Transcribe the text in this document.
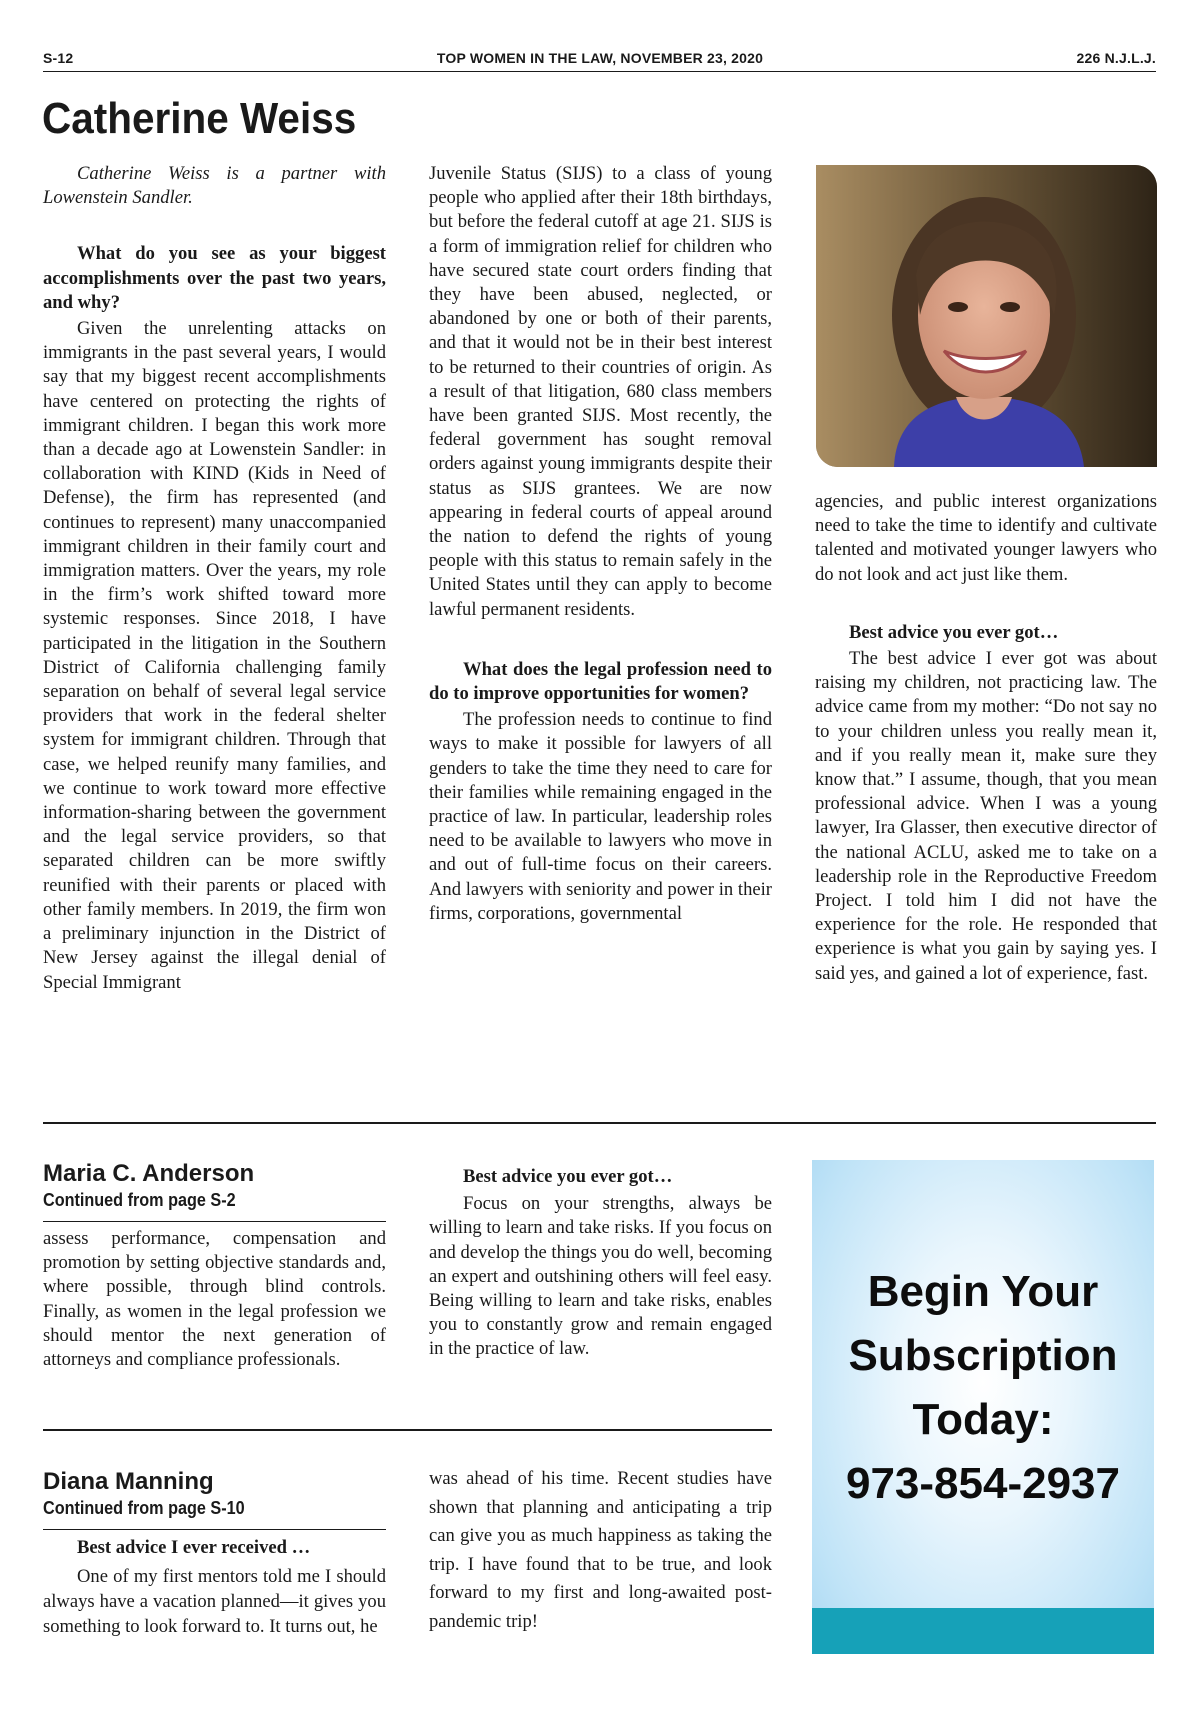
S-12	TOP WOMEN IN THE LAW, NOVEMBER 23, 2020	226 N.J.L.J.
Catherine Weiss

Catherine Weiss is a partner with Lowenstein Sandler.

What do you see as your biggest accomplishments over the past two years, and why?

Given the unrelenting attacks on immigrants in the past several years, I would say that my biggest recent accomplishments have centered on protecting the rights of immigrant children. I began this work more than a decade ago at Lowenstein Sandler: in collaboration with KIND (Kids in Need of Defense), the firm has represented (and continues to represent) many unaccompanied immigrant children in their family court and immigration matters. Over the years, my role in the firm’s work shifted toward more systemic responses. Since 2018, I have participated in the litigation in the Southern District of California challenging family separation on behalf of several legal service providers that work in the federal shelter system for immigrant children. Through that case, we helped reunify many families, and we continue to work toward more effective information-sharing between the government and the legal service providers, so that separated children can be more swiftly reunified with their parents or placed with other family members. In 2019, the firm won a preliminary injunction in the District of New Jersey against the illegal denial of Special Immigrant

Juvenile Status (SIJS) to a class of young people who applied after their 18th birthdays, but before the federal cutoff at age 21. SIJS is a form of immigration relief for children who have secured state court orders finding that they have been abused, neglected, or abandoned by one or both of their parents, and that it would not be in their best interest to be returned to their countries of origin. As a result of that litigation, 680 class members have been granted SIJS. Most recently, the federal government has sought removal orders against young immigrants despite their status as SIJS grantees. We are now appearing in federal courts of appeal around the nation to defend the rights of young people with this status to remain safely in the United States until they can apply to become lawful permanent residents.

What does the legal profession need to do to improve opportunities for women?

The profession needs to continue to find ways to make it possible for lawyers of all genders to take the time they need to care for their families while remaining engaged in the practice of law. In particular, leadership roles need to be available to lawyers who move in and out of full-time focus on their careers. And lawyers with seniority and power in their firms, corporations, governmental

agencies, and public interest organizations need to take the time to identify and cultivate talented and motivated younger lawyers who do not look and act just like them.

Best advice you ever got…

The best advice I ever got was about raising my children, not practicing law. The advice came from my mother: “Do not say no to your children unless you really mean it, and if you really mean it, make sure they know that.” I assume, though, that you mean professional advice. When I was a young lawyer, Ira Glasser, then executive director of the national ACLU, asked me to take on a leadership role in the Reproductive Freedom Project. I told him I did not have the experience for the role. He responded that experience is what you gain by saying yes. I said yes, and gained a lot of experience, fast.

Maria C. Anderson
Continued from page S-2

assess performance, compensation and promotion by setting objective standards and, where possible, through blind controls. Finally, as women in the legal profession we should mentor the next generation of attorneys and compliance professionals.

Best advice you ever got…

Focus on your strengths, always be willing to learn and take risks. If you focus on and develop the things you do well, becoming an expert and outshining others will feel easy. Being willing to learn and take risks, enables you to constantly grow and remain engaged in the practice of law.

Diana Manning
Continued from page S-10

Best advice I ever received …

One of my first mentors told me I should always have a vacation planned—it gives you something to look forward to. It turns out, he

was ahead of his time. Recent studies have shown that planning and anticipating a trip can give you as much happiness as taking the trip. I have found that to be true, and look forward to my first and long-awaited post-pandemic trip!

Begin Your
Subscription
Today:
973-854-2937
